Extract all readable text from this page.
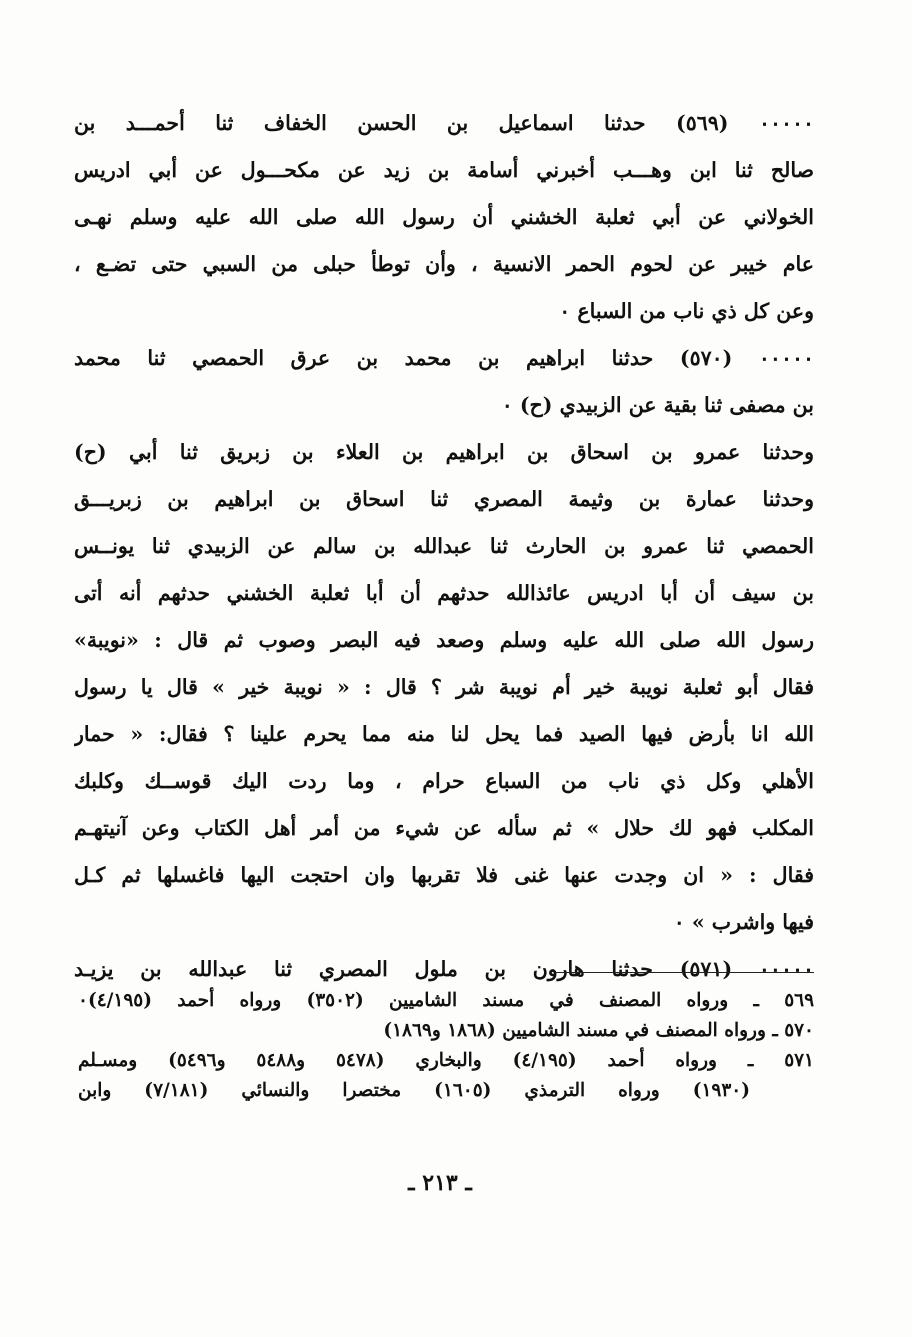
٠٠٠٠٠ (٥٦٩) حدثنا اسماعيل بن الحسن الخفاف ثنا أحمـــد بن
صالح ثنا ابن وهـــب أخبرني أسامة بن زيد عن مكحـــول عن أبي ادريس
الخولاني عن أبي ثعلبة الخشني أن رسول الله صلى الله عليه وسلم نهـى
عام خيبر عن لحوم الحمر الانسية ، وأن توطأ حبلى من السبي حتى تضـع ،
وعن كل ذي ناب من السباع ٠

٠٠٠٠٠ (٥٧٠) حدثنا ابراهيم بن محمد بن عرق الحمصي ثنا محمد
بن مصفى ثنا بقية عن الزبيدي (ح) ٠

وحدثنا عمرو بن اسحاق بن ابراهيم بن العلاء بن زبريق ثنا أبي (ح)

وحدثنا عمارة بن وثيمة المصري ثنا اسحاق بن ابراهيم بن زبريـــق
الحمصي ثنا عمرو بن الحارث ثنا عبدالله بن سالم عن الزبيدي ثنا يونــس
بن سيف أن أبا ادريس عائذالله حدثهم أن أبا ثعلبة الخشني حدثهم أنه أتى
رسول الله صلى الله عليه وسلم وصعد فيه البصر وصوب ثم قال : «نويبة»
فقال أبو ثعلبة نويبة خير أم نويبة شر ؟ قال : « نويبة خير » قال يا رسول
الله انا بأرض فيها الصيد فما يحل لنا منه مما يحرم علينا ؟ فقال: « حمار
الأهلي وكل ذي ناب من السباع حرام ، وما ردت اليك قوســك وكلبك
المكلب فهو لك حلال » ثم سأله عن شيء من أمر أهل الكتاب وعن آنيتهـم
فقال : « ان وجدت عنها غنى فلا تقربها وان احتجت اليها فاغسلها ثم كـل
فيها واشرب » ٠

٠٠٠٠٠ (٥٧١) حدثنا هارون بن ملول المصري ثنا عبدالله بن يزيـد

٥٦٩ ـ ورواه المصنف في مسند الشاميين (٣٥٠٢) ورواه أحمد (٤/١٩٥)٠
٥٧٠ ـ ورواه المصنف في مسند الشاميين (١٨٦٨ و١٨٦٩)
٥٧١ ـ ورواه أحمد (٤/١٩٥) والبخاري (٥٤٧٨ و٥٤٨٨ و٥٤٩٦) ومسـلم
(١٩٣٠) ورواه الترمذي (١٦٠٥) مختصرا والنسائي (٧/١٨١) وابن
ـ ٢١٣ ـ
